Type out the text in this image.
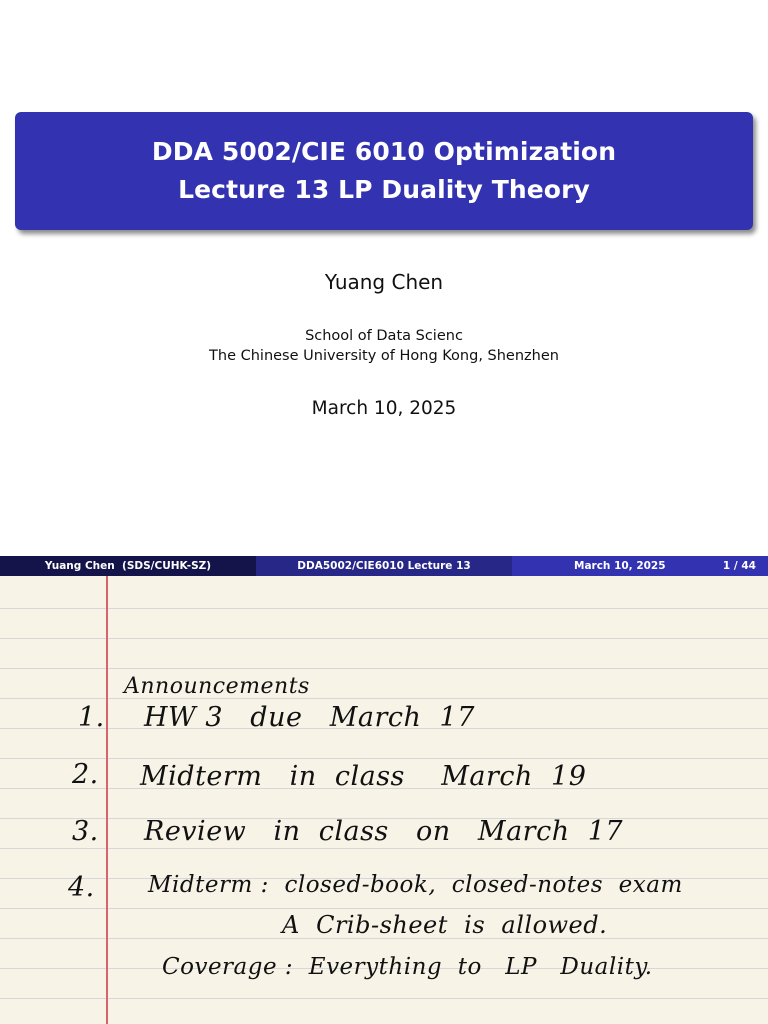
DDA 5002/CIE 6010 Optimization
Lecture 13 LP Duality Theory
Yuang Chen
School of Data Scienc
The Chinese University of Hong Kong, Shenzhen
March 10, 2025
Yuang Chen  (SDS/CUHK-SZ)	DDA5002/CIE6010 Lecture 13	March 10, 2025	1 / 44
Announcements
1. HW 3   due   March  17
2. Midterm   in  class    March  19
3. Review   in  class   on   March  17
4. Midterm :  closed-book,  closed-notes  exam
A  Crib-sheet  is  allowed.
Coverage :  Everything  to   LP   Duality.
